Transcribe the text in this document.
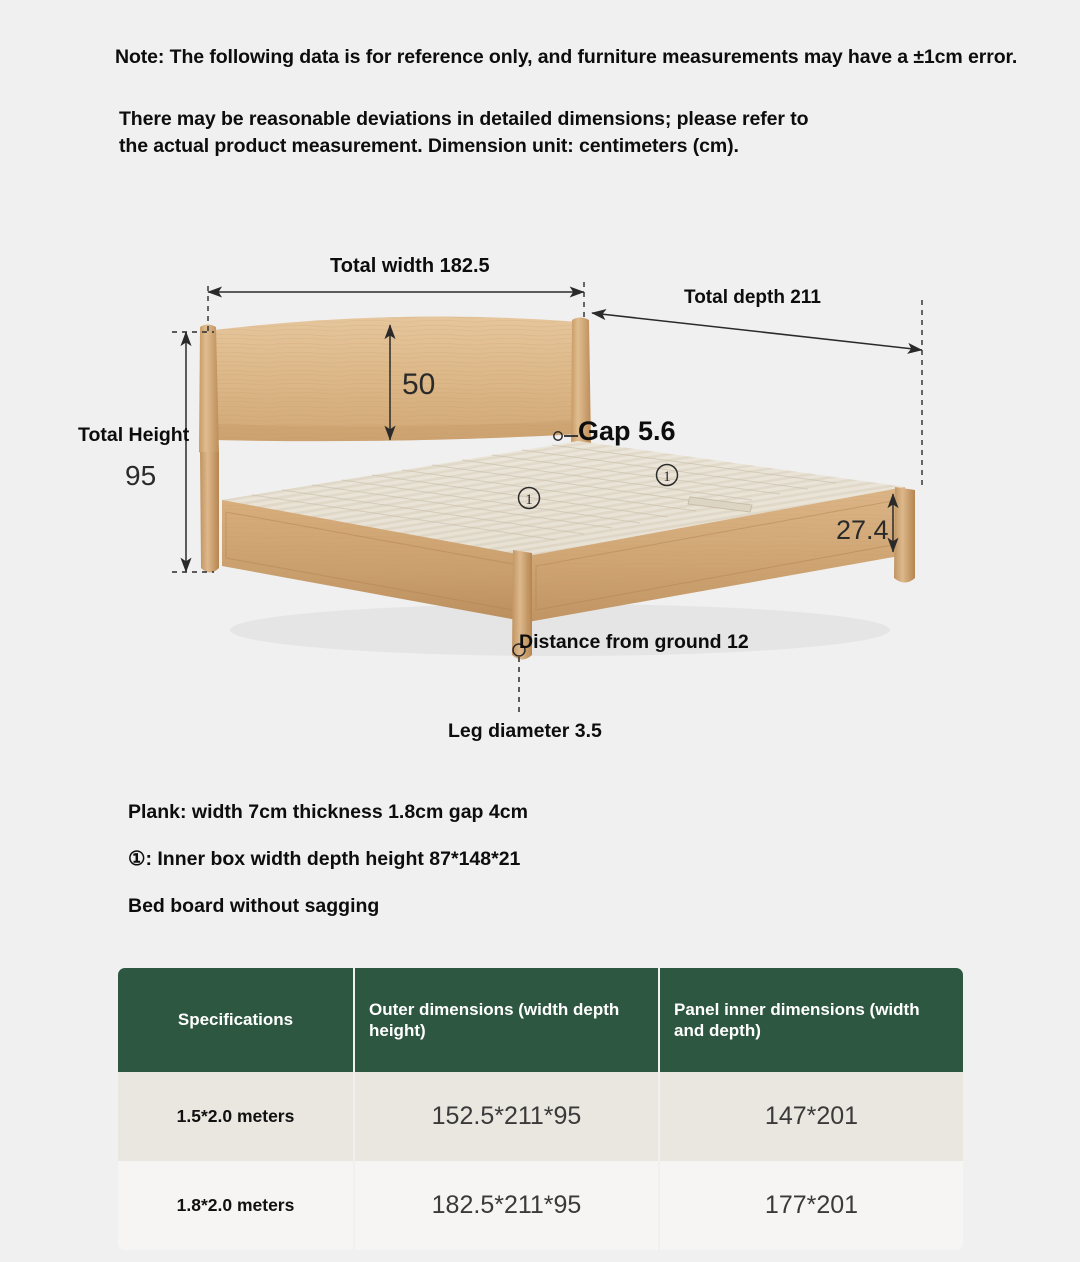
Note: The following data is for reference only, and furniture measurements may have a ±1cm error.
There may be reasonable deviations in detailed dimensions; please refer to
the actual product measurement. Dimension unit: centimeters (cm).
1
1
Total width 182.5
Total depth 211
Gap 5.6
Total Height
95
50
27.4
Distance from ground 12
Leg diameter 3.5
Plank: width 7cm thickness 1.8cm gap 4cm
①: Inner box width depth height 87*148*21
Bed board without sagging
Specifications	Outer dimensions (width depth height)	Panel inner dimensions (width and depth)
1.5*2.0 meters	152.5*211*95	147*201
1.8*2.0 meters	182.5*211*95	177*201
